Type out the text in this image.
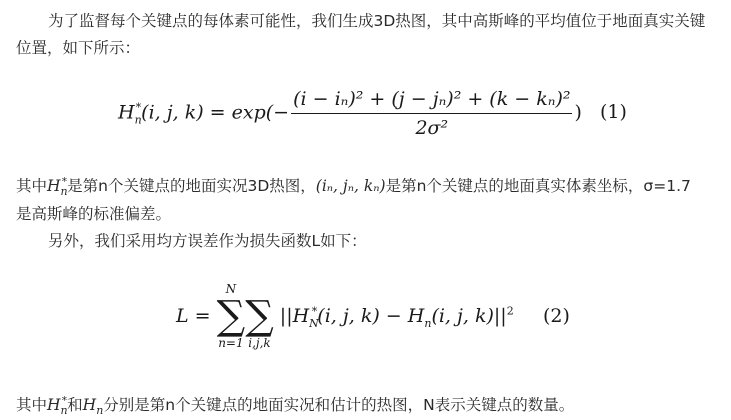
为了监督每个关键点的每体素可能性，我们生成3D热图，其中高斯峰的平均值位于地面真实关键
位置，如下所示：
$H_n^*(i$, j, $k) = \exp(- \frac{\text{(i − iₙ)² + (j − jₙ)² + (k − kₙ)²}}{\text{2σ²}}$ ) (1)
其中$H_n^*$是第n个关键点的地面实况3D热图，(iₙ, jₙ, kₙ)是第n个关键点的地面真实体素坐标，σ=1.7
是高斯峰的标准偏差。
另外，我们采用均方误差作为损失函数L如下：
L =
N
∑
n=1
∑
i,j,k
$||H_N^*(i$, j, $k) - H_n(i$, j, $k)||^2$ (2)
其中$H_n^*$和$H_n$分别是第n个关键点的地面实况和估计的热图，N表示关键点的数量。
